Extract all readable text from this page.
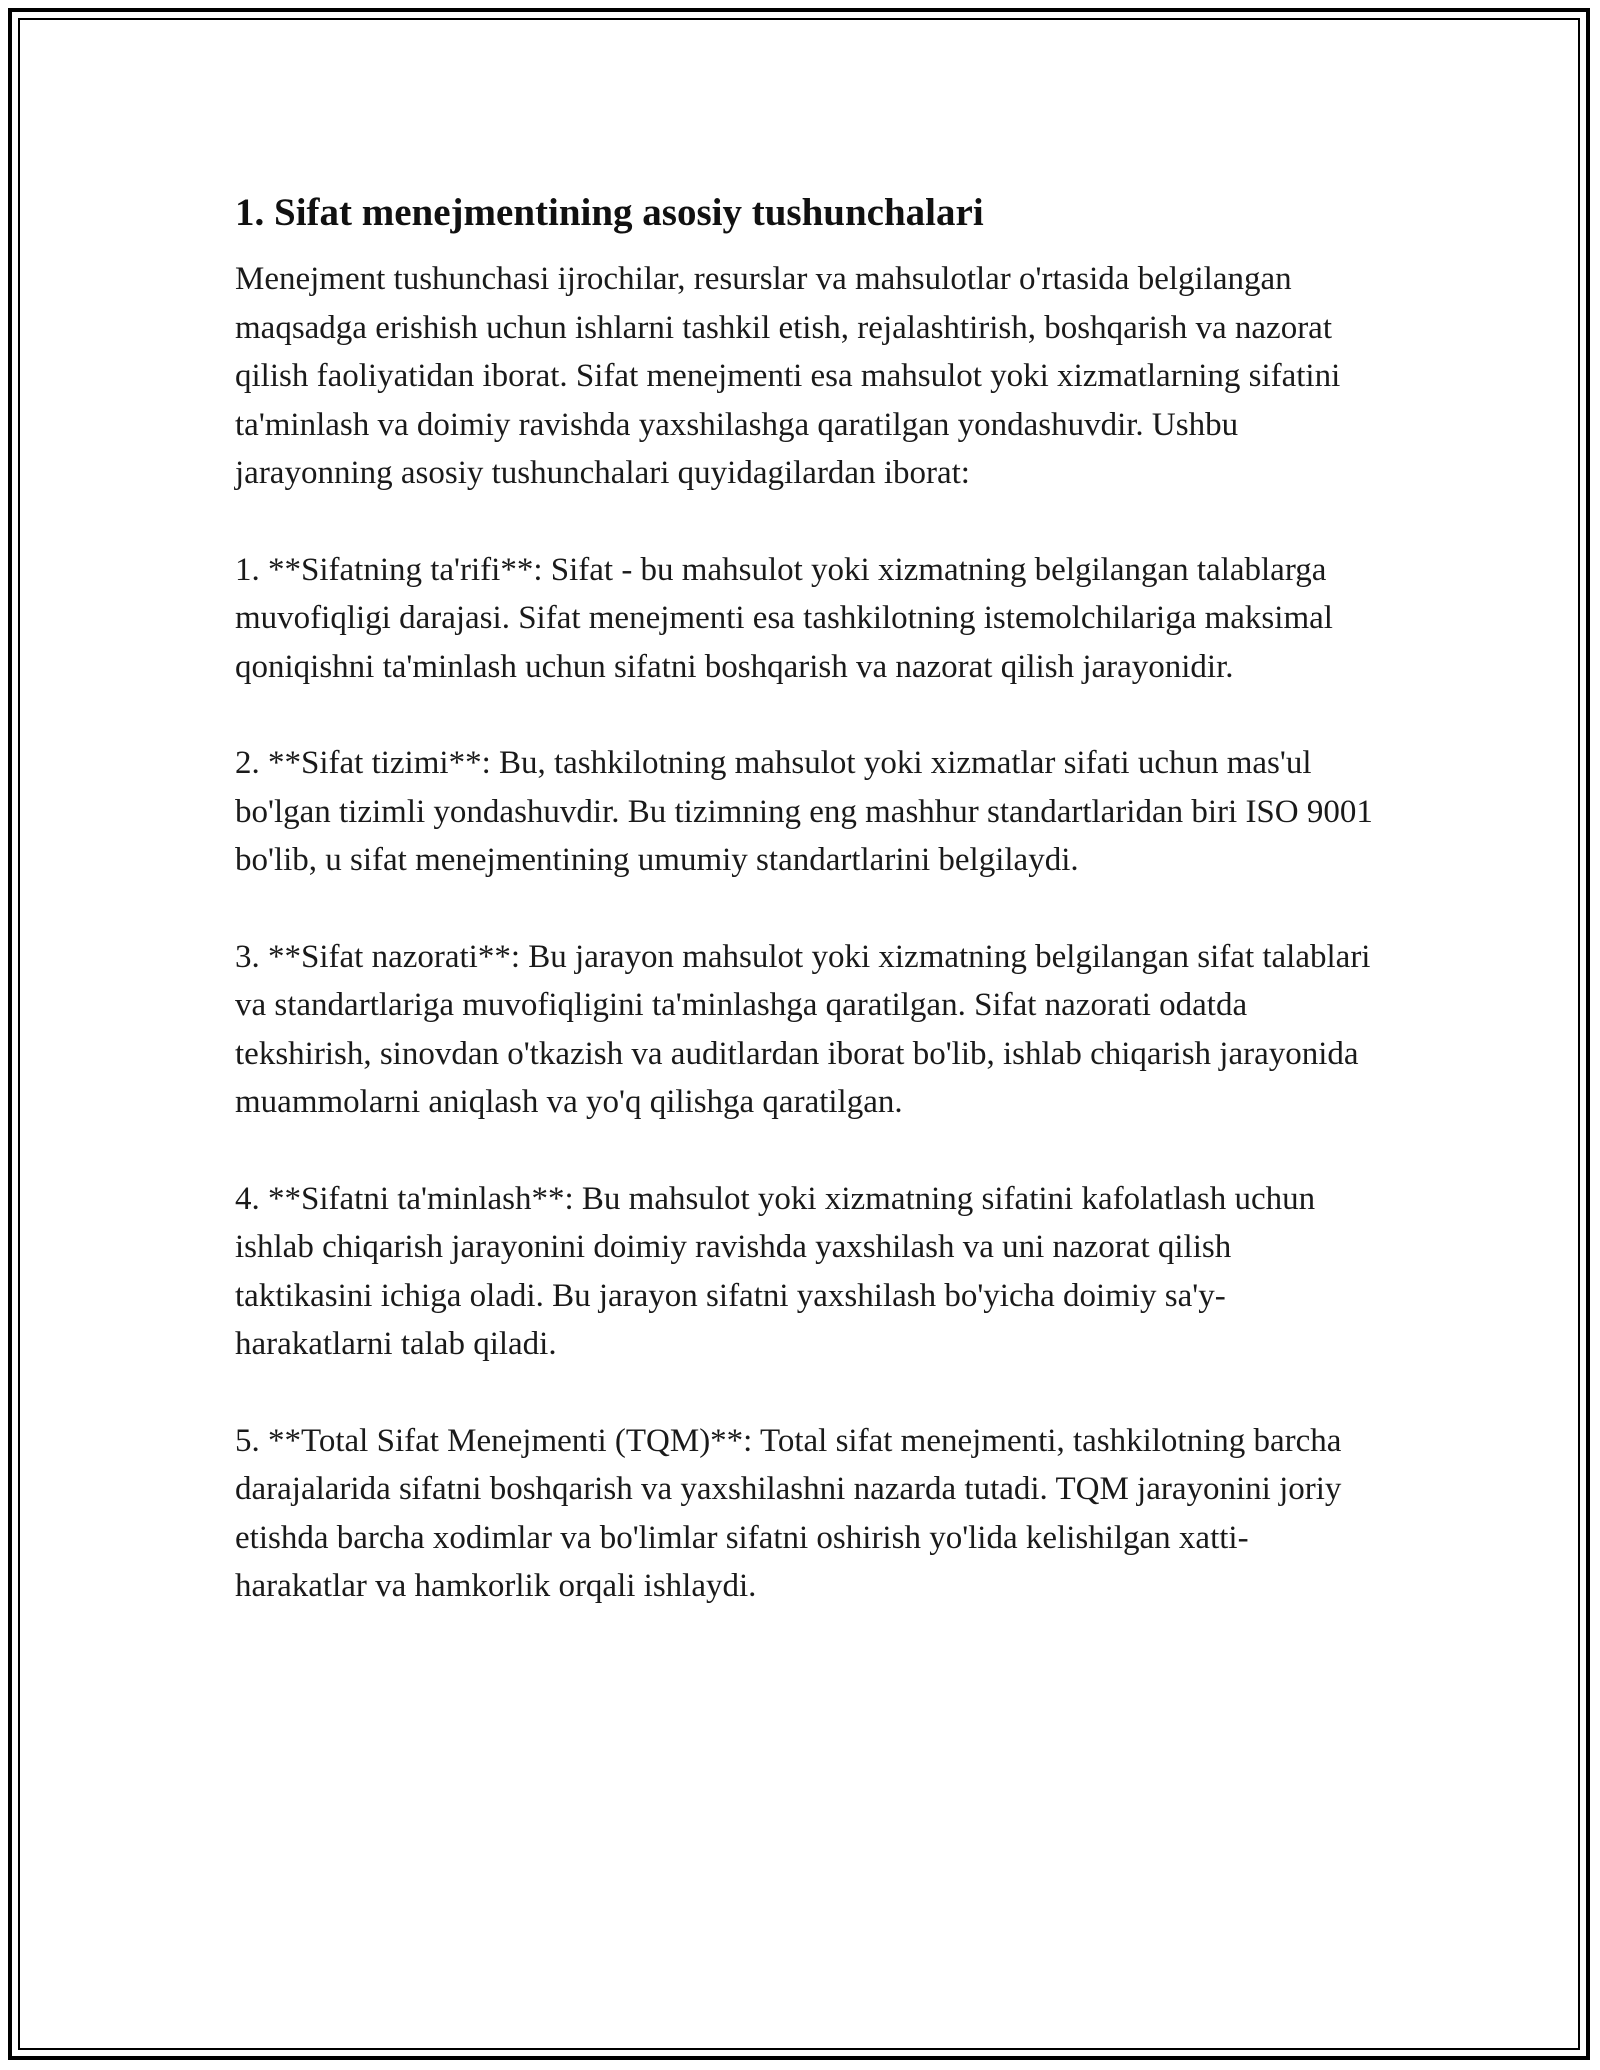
1. Sifat menejmentining asosiy tushunchalari

Menejment tushunchasi ijrochilar, resurslar va mahsulotlar o'rtasida belgilangan maqsadga erishish uchun ishlarni tashkil etish, rejalashtirish, boshqarish va nazorat qilish faoliyatidan iborat. Sifat menejmenti esa mahsulot yoki xizmatlarning sifatini ta'minlash va doimiy ravishda yaxshilashga qaratilgan yondashuvdir. Ushbu jarayonning asosiy tushunchalari quyidagilardan iborat:

1. **Sifatning ta'rifi**: Sifat - bu mahsulot yoki xizmatning belgilangan talablarga muvofiqligi darajasi. Sifat menejmenti esa tashkilotning istemolchilariga maksimal qoniqishni ta'minlash uchun sifatni boshqarish va nazorat qilish jarayonidir.

2. **Sifat tizimi**: Bu, tashkilotning mahsulot yoki xizmatlar sifati uchun mas'ul bo'lgan tizimli yondashuvdir. Bu tizimning eng mashhur standartlaridan biri ISO 9001 bo'lib, u sifat menejmentining umumiy standartlarini belgilaydi.

3. **Sifat nazorati**: Bu jarayon mahsulot yoki xizmatning belgilangan sifat talablari va standartlariga muvofiqligini ta'minlashga qaratilgan. Sifat nazorati odatda tekshirish, sinovdan o'tkazish va auditlardan iborat bo'lib, ishlab chiqarish jarayonida muammolarni aniqlash va yo'q qilishga qaratilgan.

4. **Sifatni ta'minlash**: Bu mahsulot yoki xizmatning sifatini kafolatlash uchun ishlab chiqarish jarayonini doimiy ravishda yaxshilash va uni nazorat qilish taktikasini ichiga oladi. Bu jarayon sifatni yaxshilash bo'yicha doimiy sa'y-harakatlarni talab qiladi.

5. **Total Sifat Menejmenti (TQM)**: Total sifat menejmenti, tashkilotning barcha darajalarida sifatni boshqarish va yaxshilashni nazarda tutadi. TQM jarayonini joriy etishda barcha xodimlar va bo'limlar sifatni oshirish yo'lida kelishilgan xatti-harakatlar va hamkorlik orqali ishlaydi.
